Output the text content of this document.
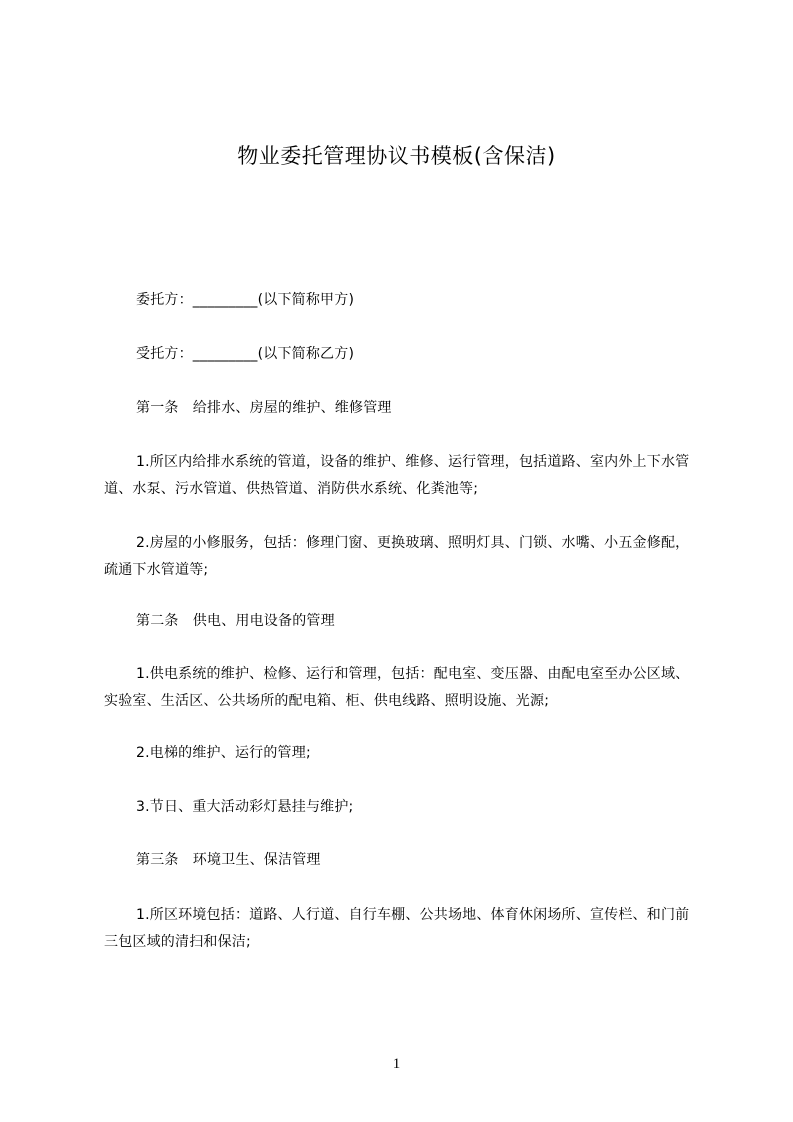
物业委托管理协议书模板(含保洁)
委托方：_________(以下简称甲方)
受托方：_________(以下简称乙方)
第一条　给排水、房屋的维护、维修管理
1.所区内给排水系统的管道，设备的维护、维修、运行管理，包括道路、室内外上下水管道、水泵、污水管道、供热管道、消防供水系统、化粪池等;
2.房屋的小修服务，包括：修理门窗、更换玻璃、照明灯具、门锁、水嘴、小五金修配，疏通下水管道等;
第二条　供电、用电设备的管理
1.供电系统的维护、检修、运行和管理，包括：配电室、变压器、由配电室至办公区域、实验室、生活区、公共场所的配电箱、柜、供电线路、照明设施、光源;
2.电梯的维护、运行的管理;
3.节日、重大活动彩灯悬挂与维护;
第三条　环境卫生、保洁管理
1.所区环境包括：道路、人行道、自行车棚、公共场地、体育休闲场所、宣传栏、和门前三包区域的清扫和保洁;
1
